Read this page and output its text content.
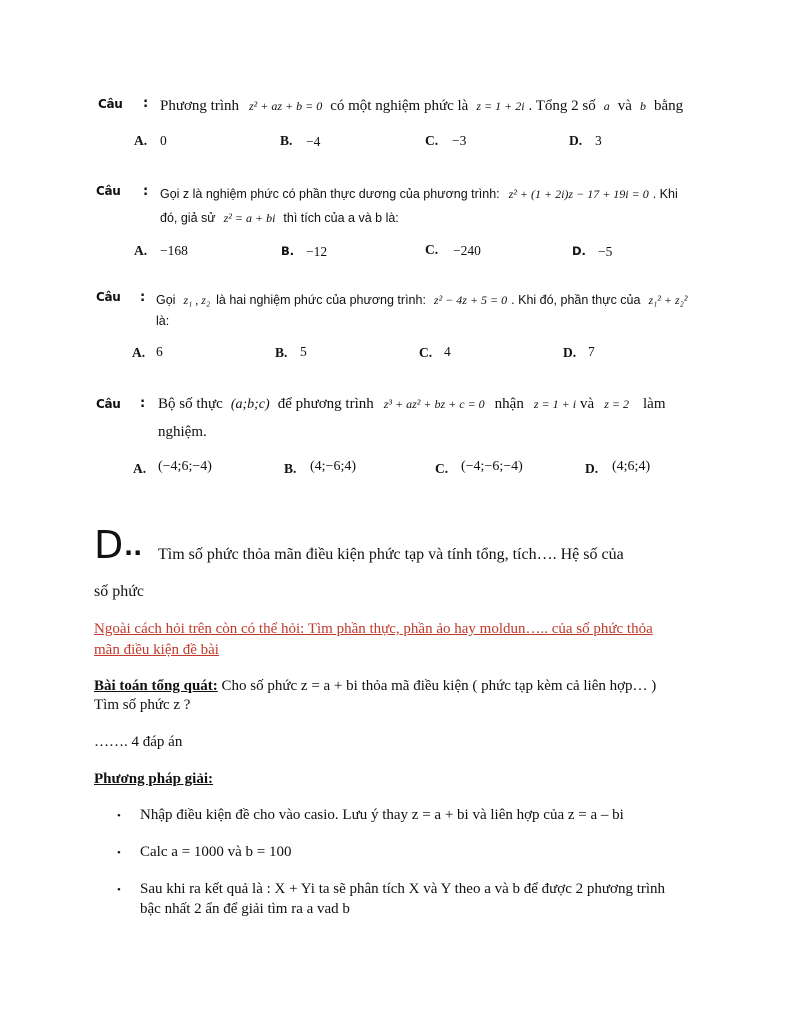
Câu : Phương trình z² + az + b = 0 có một nghiệm phức là z = 1 + 2i . Tổng 2 số a và b bằng
A. 0	B. −4	C. −3	D. 3
Câu : Gọi z là nghiệm phức có phần thực dương của phương trình: z² + (1 + 2i)z − 17 + 19i = 0 . Khi
đó, giả sử z² = a + bi thì tích của a và b là:
A. −168	B. −12	C. −240	D. −5
Câu : Gọi z₁ , z₂ là hai nghiệm phức của phương trình: z² − 4z + 5 = 0 . Khi đó, phần thực của z₁² + z₂²
là:
A. 6	B. 5	C. 4	D. 7
Câu : Bộ số thực (a;b;c) để phương trình z³ + az² + bz + c = 0 nhận z = 1 + i và z = 2 làm
nghiệm.
A. (−4;6;−4)	B. (4;−6;4)	C. (−4;−6;−4)	D. (4;6;4)
D .. Tìm số phức thỏa mãn điều kiện phức tạp và tính tổng, tích…. Hệ số của
số phức
Ngoài cách hỏi trên còn có thể hỏi: Tìm phần thực, phần ảo hay moldun….. của số phức thỏa
mãn điều kiện đề bài
Bài toán tổng quát: Cho số phức z = a + bi thỏa mã điều kiện ( phức tạp kèm cả liên hợp… )
Tìm số phức z ?
……. 4 đáp án
Phương pháp giải:
• Nhập điều kiện đề cho vào casio. Lưu ý thay z = a + bi và liên hợp của z = a – bi
• Calc a = 1000 và b = 100
• Sau khi ra kết quả là : X + Yi ta sẽ phân tích X và Y theo a và b để được 2 phương trình
bậc nhất 2 ẩn để giải tìm ra a vad b
